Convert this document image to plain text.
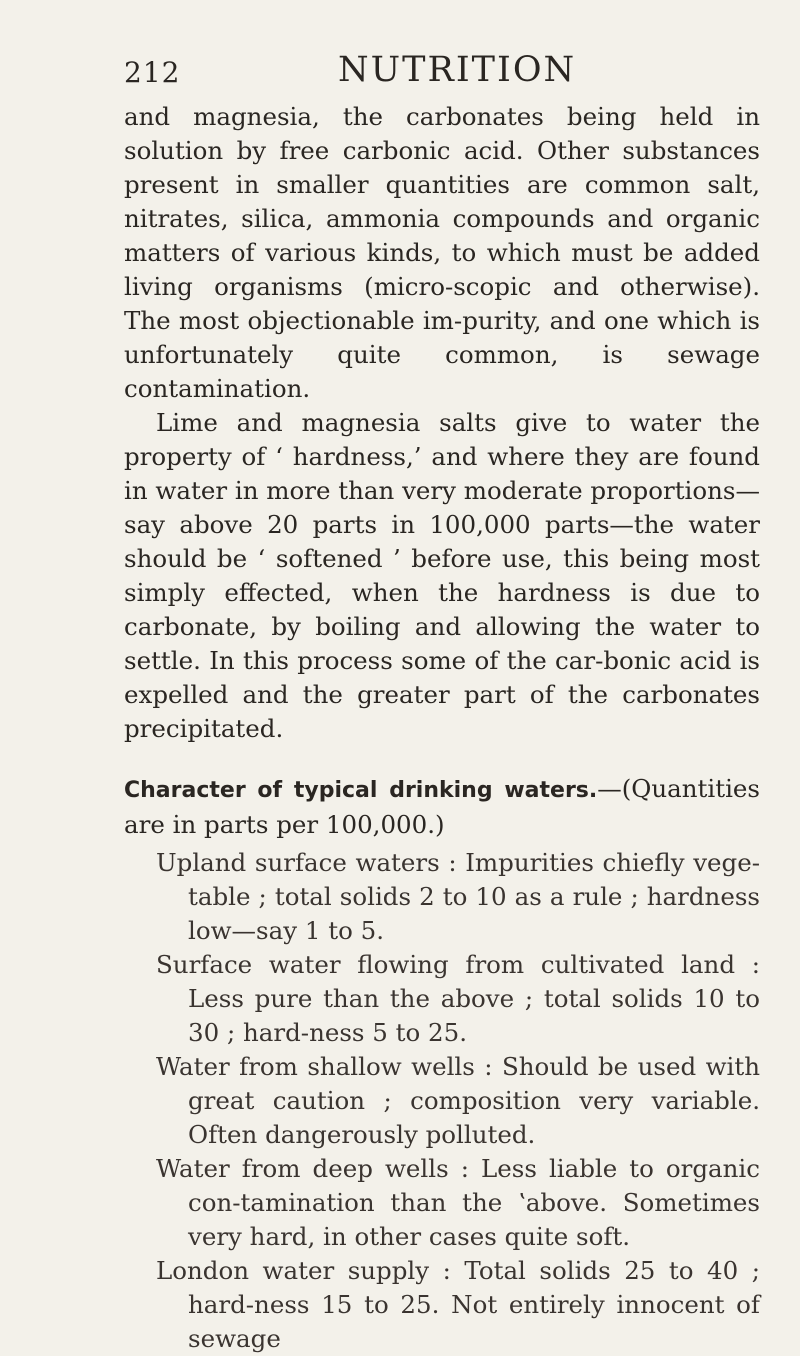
212	NUTRITION

and magnesia, the carbonates being held in solution by free carbonic acid. Other substances present in smaller quantities are common salt, nitrates, silica, ammonia compounds and organic matters of various kinds, to which must be added living organisms (micro-scopic and otherwise). The most objectionable im-purity, and one which is unfortunately quite common, is sewage contamination.

Lime and magnesia salts give to water the property of ‘ hardness,’ and where they are found in water in more than very moderate proportions—say above 20 parts in 100,000 parts—the water should be ‘ softened ’ before use, this being most simply effected, when the hardness is due to carbonate, by boiling and allowing the water to settle. In this process some of the car-bonic acid is expelled and the greater part of the carbonates precipitated.

Character of typical drinking waters.—(Quantities are in parts per 100,000.)

Upland surface waters : Impurities chiefly vege-table ; total solids 2 to 10 as a rule ; hardness low—say 1 to 5.
Surface water flowing from cultivated land : Less pure than the above ; total solids 10 to 30 ; hard-ness 5 to 25.
Water from shallow wells : Should be used with great caution ; composition very variable. Often dangerously polluted.
Water from deep wells : Less liable to organic con-tamination than the ʽabove. Sometimes very hard, in other cases quite soft.
London water supply : Total solids 25 to 40 ; hard-ness 15 to 25. Not entirely innocent of sewage
